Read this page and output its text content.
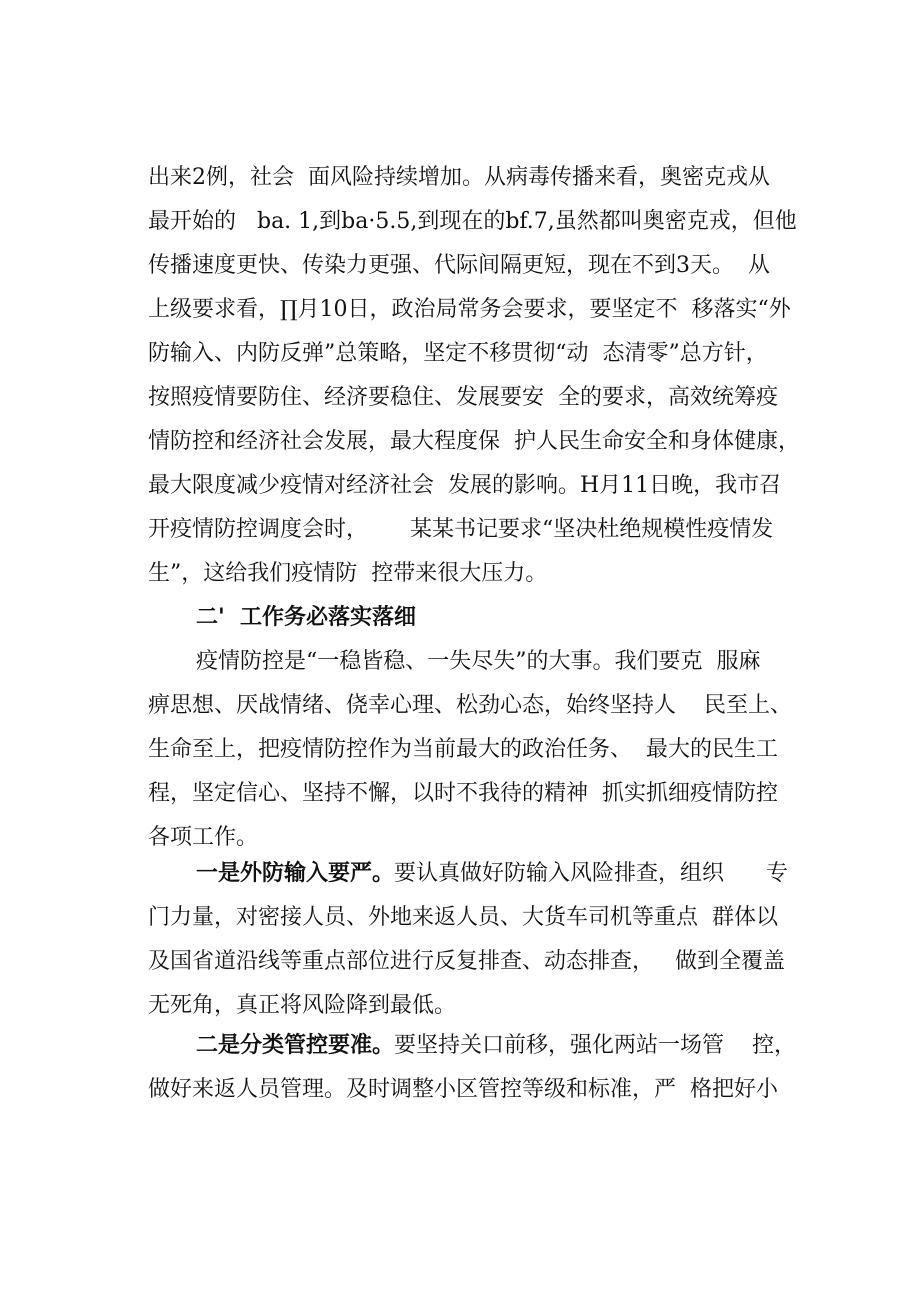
出来2例，社会  面风险持续增加。从病毒传播来看，奥密克戎从
最开始的   ba. 1,到ba·5.5,到现在的bf.7,虽然都叫奥密克戎，但他
传播速度更快、传染力更强、代际间隔更短，现在不到3天。  从
上级要求看，∏月10日，政治局常务会要求，要坚定不  移落实“外
防输入、内防反弹”总策略，坚定不移贯彻“动  态清零”总方针，
按照疫情要防住、经济要稳住、发展要安  全的要求，高效统筹疫
情防控和经济社会发展，最大程度保  护人民生命安全和身体健康，
最大限度减少疫情对经济社会  发展的影响。H月11日晚，我市召
开疫情防控调度会时，      某某书记要求“坚决杜绝规模性疫情发
生”，这给我们疫情防  控带来很大压力。
二'  工作务必落实落细
疫情防控是“一稳皆稳、一失尽失”的大事。我们要克  服麻
痹思想、厌战情绪、侥幸心理、松劲心态，始终坚持人    民至上、
生命至上，把疫情防控作为当前最大的政治任务、  最大的民生工
程，坚定信心、坚持不懈，以时不我待的精神  抓实抓细疫情防控
各项工作。
一是外防输入要严。要认真做好防输入风险排查，组织      专
门力量，对密接人员、外地来返人员、大货车司机等重点  群体以
及国省道沿线等重点部位进行反复排查、动态排查，   做到全覆盖
无死角，真正将风险降到最低。
二是分类管控要准。要坚持关口前移，强化两站一场管    控，
做好来返人员管理。及时调整小区管控等级和标准，严  格把好小
